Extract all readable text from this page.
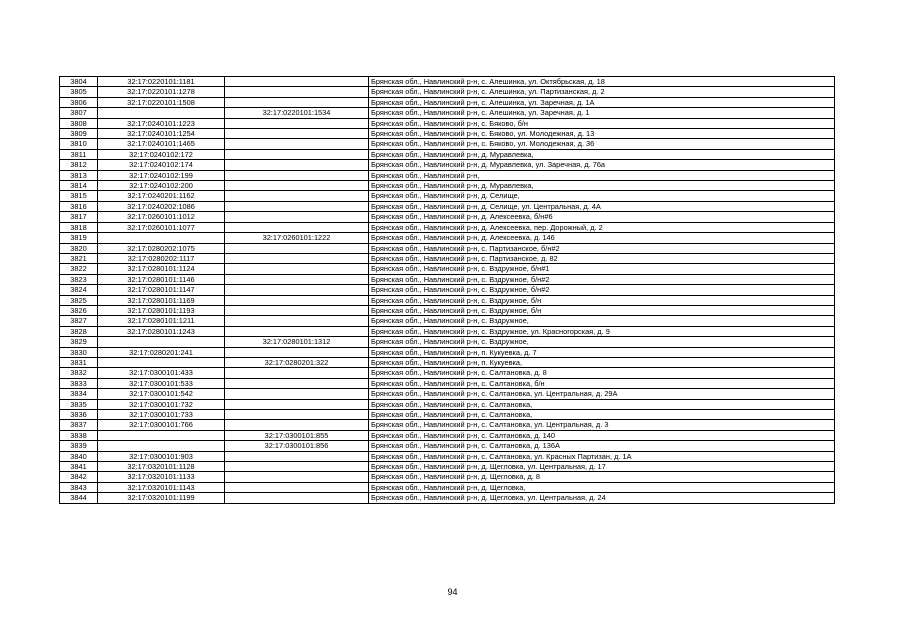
3804	32:17:0220101:1181		Брянская обл., Навлинский р-н, с. Алешинка, ул. Октябрьская, д. 18
3805	32:17:0220101:1278		Брянская обл., Навлинский р-н, с. Алешинка, ул. Партизанская, д. 2
3806	32:17:0220101:1508		Брянская обл., Навлинский р-н, с. Алешинка, ул. Заречная, д. 1А
3807		32:17:0220101:1534	Брянская обл., Навлинский р-н, с. Алешинка, ул. Заречная, д. 1
3808	32:17:0240101:1223		Брянская обл., Навлинский р-н, с. Бяково, б/н
3809	32:17:0240101:1254		Брянская обл., Навлинский р-н, с. Бяково, ул. Молодежная, д. 13
3810	32:17:0240101:1465		Брянская обл., Навлинский р-н, с. Бяково, ул. Молодежная, д. 36
3811	32:17:0240102:172		Брянская обл., Навлинский р-н, д. Муравлевка,
3812	32:17:0240102:174		Брянская обл., Навлинский р-н, д. Муравлевка, ул. Заречная, д. 76а
3813	32:17:0240102:199		Брянская обл., Навлинский р-н,
3814	32:17:0240102:200		Брянская обл., Навлинский р-н, д. Муравлевка,
3815	32:17:0240201:1162		Брянская обл., Навлинский р-н, д. Селище,
3816	32:17:0240202:1086		Брянская обл., Навлинский р-н, д. Селище, ул. Центральная, д. 4А
3817	32:17:0260101:1012		Брянская обл., Навлинский р-н, д. Алексеевка, б/н#6
3818	32:17:0260101:1077		Брянская обл., Навлинский р-н, д. Алексеевка, пер. Дорожный, д. 2
3819		32:17:0260101:1222	Брянская обл., Навлинский р-н, д. Алексеевка, д. 146
3820	32:17:0280202:1075		Брянская обл., Навлинский р-н, с. Партизанское, б/н#2
3821	32:17:0280202:1117		Брянская обл., Навлинский р-н, с. Партизанское, д. 82
3822	32:17:0280101:1124		Брянская обл., Навлинский р-н, с. Вздружное, б/н#1
3823	32:17:0280101:1146		Брянская обл., Навлинский р-н, с. Вздружное, б/н#2
3824	32:17:0280101:1147		Брянская обл., Навлинский р-н, с. Вздружное, б/н#2
3825	32:17:0280101:1169		Брянская обл., Навлинский р-н, с. Вздружное, б/н
3826	32:17:0280101:1193		Брянская обл., Навлинский р-н, с. Вздружное, б/н
3827	32:17:0280101:1211		Брянская обл., Навлинский р-н, с. Вздружное,
3828	32:17:0280101:1243		Брянская обл., Навлинский р-н, с. Вздружное, ул. Красногорская, д. 9
3829		32:17:0280101:1312	Брянская обл., Навлинский р-н, с. Вздружное,
3830	32:17:0280201:241		Брянская обл., Навлинский р-н, п. Кукуевка, д. 7
3831		32:17:0280201:322	Брянская обл., Навлинский р-н, п. Кукуевка,
3832	32:17:0300101:433		Брянская обл., Навлинский р-н, с. Салтановка, д. 8
3833	32:17:0300101:533		Брянская обл., Навлинский р-н, с. Салтановка, б/н
3834	32:17:0300101:542		Брянская обл., Навлинский р-н, с. Салтановка, ул. Центральная, д. 29А
3835	32:17:0300101:732		Брянская обл., Навлинский р-н, с. Салтановка,
3836	32:17:0300101:733		Брянская обл., Навлинский р-н, с. Салтановка,
3837	32:17:0300101:766		Брянская обл., Навлинский р-н, с. Салтановка, ул. Центральная, д. 3
3838		32:17:0300101:855	Брянская обл., Навлинский р-н, с. Салтановка, д. 140
3839		32:17:0300101:856	Брянская обл., Навлинский р-н, с. Салтановка, д. 136А
3840	32:17:0300101:903		Брянская обл., Навлинский р-н, с. Салтановка, ул. Красных Партизан, д. 1А
3841	32:17:0320101:1128		Брянская обл., Навлинский р-н, д. Щегловка, ул. Центральная, д. 17
3842	32:17:0320101:1133		Брянская обл., Навлинский р-н, д. Щегловка, д. 8
3843	32:17:0320101:1143		Брянская обл., Навлинский р-н, д. Щегловка,
3844	32:17:0320101:1199		Брянская обл., Навлинский р-н, д. Щегловка, ул. Центральная, д. 24
94
